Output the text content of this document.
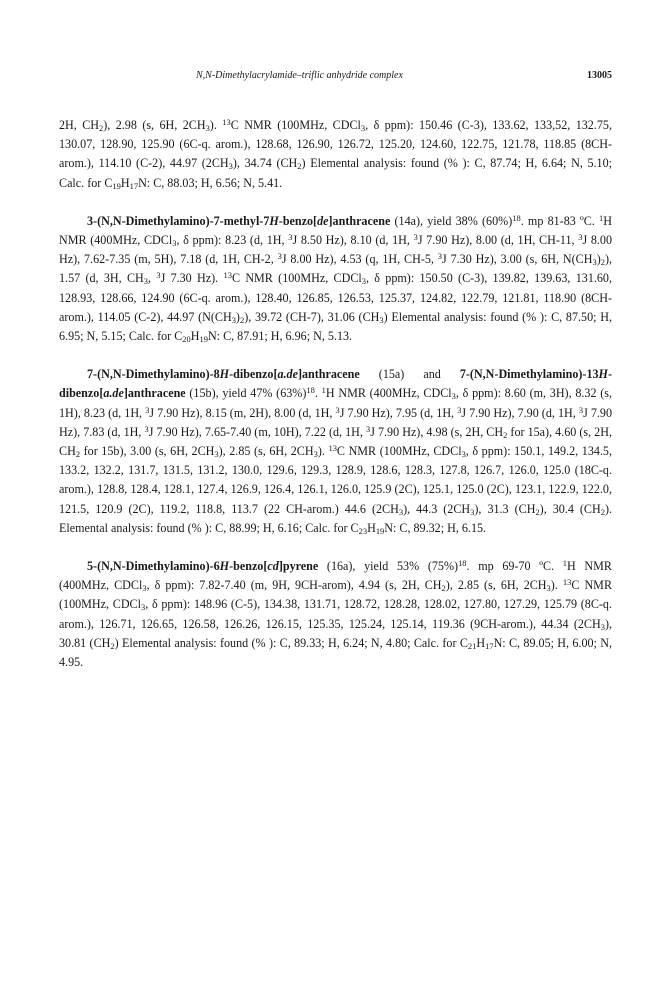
N,N-Dimethylacrylamide–triflic anhydride complex	13005

2H, $CH_2$), 2.98 (s, 6H, $2CH_3$). $^{13}$C NMR (100MHz, CDCl$_3$, δ ppm): 150.46 (C-3), 133.62, 133,52, 132.75, 130.07, 128.90, 125.90 (6C-q. arom.), 128.68, 126.90, 126.72, 125.20, 124.60, 122.75, 121.78, 118.85 (8CH-arom.), 114.10 (C-2), 44.97 $(2CH_3)$, 34.74 $(CH_2)$ Elemental analysis: found (% ): C, 87.74; H, 6.64; N, 5.10; Calc. for $C_{19}H_{17}N$: C, 88.03; H, 6.56; N, 5.41.

3-(N,N-Dimethylamino)-7-methyl-7H-benzo[de]anthracene (14a), yield 38% $(60\%)^{18}$. mp 81-83 ºC. $^1$H NMR (400MHz, CDCl$_3$, δ ppm): 8.23 (d, 1H, $^3$J 8.50 Hz), 8.10 (d, 1H, $^3$J 7.90 Hz), 8.00 (d, 1H, CH-11, $^3$J 8.00 Hz), 7.62-7.35 (m, 5H), 7.18 (d, 1H, CH-2, $^3$J 8.00 Hz), 4.53 (q, 1H, CH-5, $^3$J 7.30 Hz), 3.00 (s, 6H, $N(CH_3)_2$), 1.57 (d, 3H, $CH_3$, $^3$J 7.30 Hz). $^{13}$C NMR (100MHz, CDCl$_3$, δ ppm): 150.50 (C-3), 139.82, 139.63, 131.60, 128.93, 128.66, 124.90 (6C-q. arom.), 128.40, 126.85, 126.53, 125.37, 124.82, 122.79, 121.81, 118.90 (8CH-arom.), 114.05 (C-2), 44.97 $(N(CH_3)_2)$, 39.72 (CH-7), 31.06 $(CH_3)$ Elemental analysis: found (% ): C, 87.50; H, 6.95; N, 5.15; Calc. for $C_{20}H_{19}N$: C, 87.91; H, 6.96; N, 5.13.

7-(N,N-Dimethylamino)-8H-dibenzo[a.de]anthracene (15a) and 7-(N,N-Dimethylamino)-13H-dibenzo[a.de]anthracene (15b), yield 47% $(63\%)^{18}$. $^1$H NMR (400MHz, CDCl$_3$, δ ppm): 8.60 (m, 3H), 8.32 (s, 1H), 8.23 (d, 1H, $^3$J 7.90 Hz), 8.15 (m, 2H), 8.00 (d, 1H, $^3$J 7.90 Hz), 7.95 (d, 1H, $^3$J 7.90 Hz), 7.90 (d, 1H, $^3$J 7.90 Hz), 7.83 (d, 1H, $^3$J 7.90 Hz), 7.65-7.40 (m, 10H), 7.22 (d, 1H, $^3$J 7.90 Hz), 4.98 (s, 2H, $CH_2$ for 15a), 4.60 (s, 2H, $CH_2$ for 15b), 3.00 (s, 6H, $2CH_3$), 2.85 (s, 6H, $2CH_3$). $^{13}$C NMR (100MHz, CDCl$_3$, δ ppm): 150.1, 149.2, 134.5, 133.2, 132.2, 131.7, 131.5, 131.2, 130.0, 129.6, 129.3, 128.9, 128.6, 128.3, 127.8, 126.7, 126.0, 125.0 (18C-q. arom.), 128.8, 128.4, 128.1, 127.4, 126.9, 126.4, 126.1, 126.0, 125.9 (2C), 125.1, 125.0 (2C), 123.1, 122.9, 122.0, 121.5, 120.9 (2C), 119.2, 118.8, 113.7 (22 CH-arom.) 44.6 $(2CH_3)$, 44.3 $(2CH_3)$, 31.3 $(CH_2)$, 30.4 $(CH_2)$. Elemental analysis: found (% ): C, 88.99; H, 6.16; Calc. for $C_{23}H_{19}N$: C, 89.32; H, 6.15.

5-(N,N-Dimethylamino)-6H-benzo[cd]pyrene (16a), yield 53% $(75\%)^{18}$. mp 69-70 ºC. $^1$H NMR (400MHz, CDCl$_3$, δ ppm): 7.82-7.40 (m, 9H, 9CH-arom), 4.94 (s, 2H, $CH_2$), 2.85 (s, 6H, $2CH_3$). $^{13}$C NMR (100MHz, CDCl$_3$, δ ppm): 148.96 (C-5), 134.38, 131.71, 128.72, 128.28, 128.02, 127.80, 127.29, 125.79 (8C-q. arom.), 126.71, 126.65, 126.58, 126.26, 126.15, 125.35, 125.24, 125.14, 119.36 (9CH-arom.), 44.34 $(2CH_3)$, 30.81 $(CH_2)$ Elemental analysis: found (% ): C, 89.33; H, 6.24; N, 4.80; Calc. for $C_{21}H_{17}N$: C, 89.05; H, 6.00; N, 4.95.
